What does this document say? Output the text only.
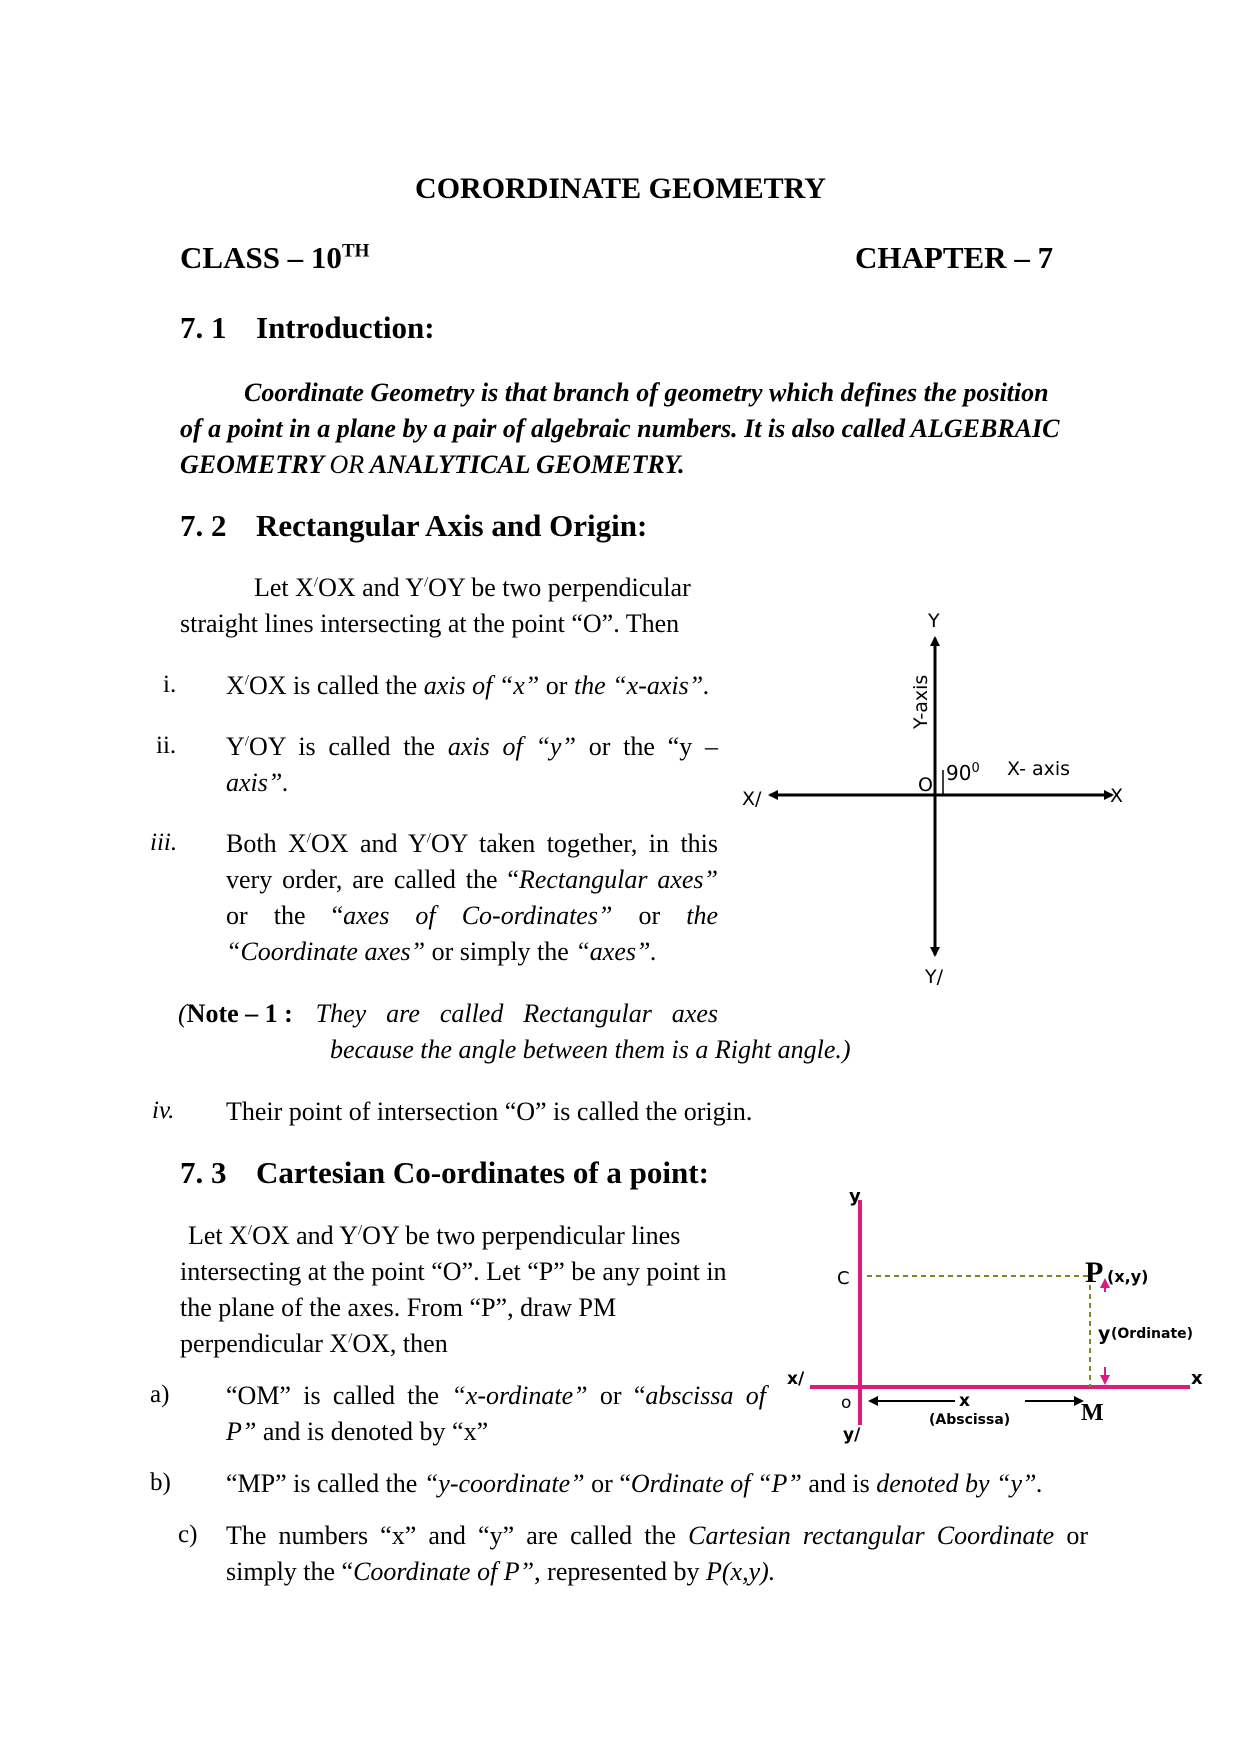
CORORDINATE GEOMETRY
CLASS – 10TH	CHAPTER – 7
7. 1 Introduction:
Coordinate Geometry is that branch of geometry which defines the position
of a point in a plane by a pair of algebraic numbers. It is also called ALGEBRAIC
GEOMETRY OR ANALYTICAL GEOMETRY.
7. 2 Rectangular Axis and Origin:
Let X/OX and Y/OY be two perpendicular
straight lines intersecting at the point “O”. Then
i. X/OX is called the axis of “x” or the “x-axis”.
ii. Y/OY is called the axis of “y” or the “y –
axis”.
iii. Both X/OX and Y/OY taken together, in this
very order, are called the “Rectangular axes”
or the “axes of Co-ordinates” or the
“Coordinate axes” or simply the “axes”.
( Note – 1 : They are called Rectangular axes
because the angle between them is a Right angle.)
iv. Their point of intersection “O” is called the origin.
7. 3 Cartesian Co-ordinates of a point:
Let X/OX and Y/OY be two perpendicular lines
intersecting at the point “O”. Let “P” be any point in
the plane of the axes. From “P”, draw PM
perpendicular X/OX, then
a) “OM” is called the “x-ordinate” or “abscissa of
P” and is denoted by “x”
b) “MP” is called the “y-coordinate” or “Ordinate of “P” and is denoted by “y”.
c) The numbers “x” and “y” are called the Cartesian rectangular Coordinate or
simply the “Coordinate of P”, represented by P(x,y).
Y
Y/
X
X/
O $90^0$ X- axis
Y-axis
y
x
x/
y/
o
C	P (x,y)
y (Ordinate)
M
x
(Abscissa)
